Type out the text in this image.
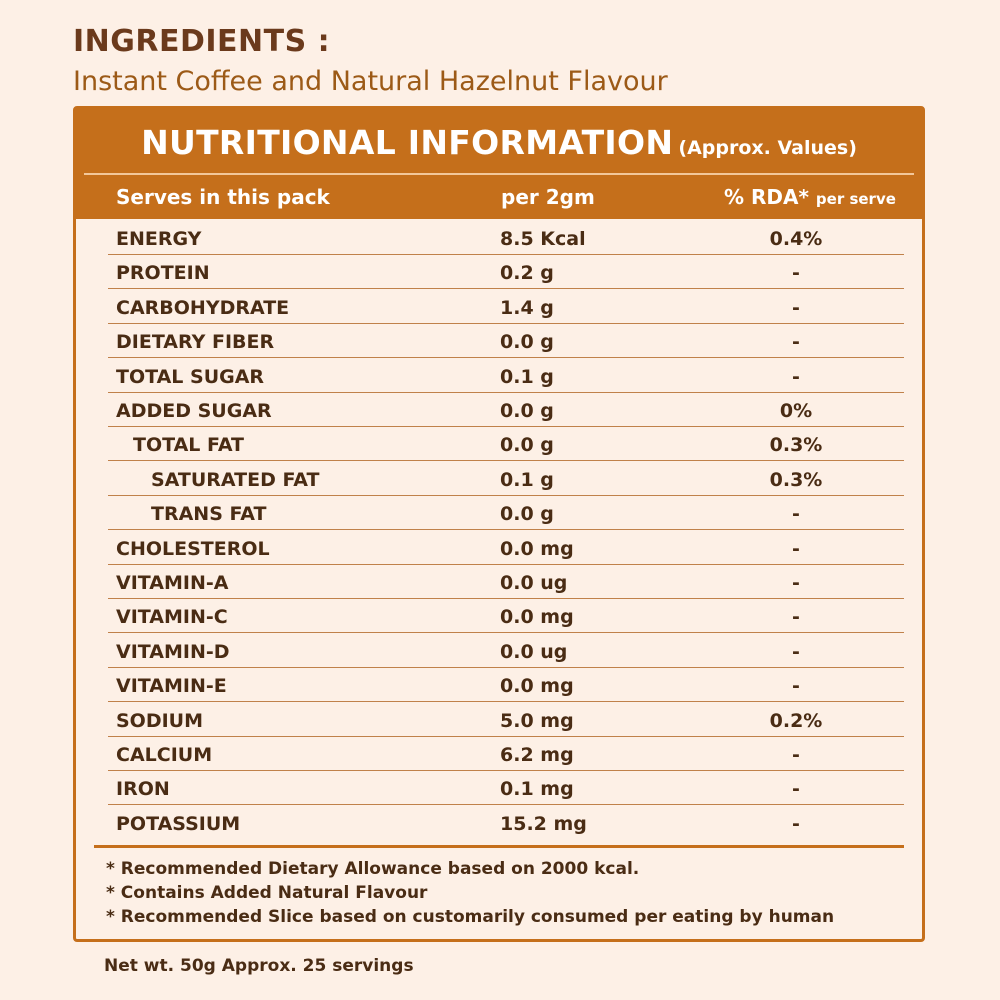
INGREDIENTS :
Instant Coffee and Natural Hazelnut Flavour
NUTRITIONAL INFORMATION (Approx. Values)
Serves in this pack	per 2gm	% RDA* per serve
ENERGY	8.5 Kcal	0.4%
PROTEIN	0.2 g	-
CARBOHYDRATE	1.4 g	-
DIETARY FIBER	0.0 g	-
TOTAL SUGAR	0.1 g	-
ADDED SUGAR	0.0 g	0%
TOTAL FAT	0.0 g	0.3%
SATURATED FAT	0.1 g	0.3%
TRANS FAT	0.0 g	-
CHOLESTEROL	0.0 mg	-
VITAMIN-A	0.0 ug	-
VITAMIN-C	0.0 mg	-
VITAMIN-D	0.0 ug	-
VITAMIN-E	0.0 mg	-
SODIUM	5.0 mg	0.2%
CALCIUM	6.2 mg	-
IRON	0.1 mg	-
POTASSIUM	15.2 mg	-
* Recommended Dietary Allowance based on 2000 kcal.
* Contains Added Natural Flavour
* Recommended Slice based on customarily consumed per eating by human
Net wt. 50g Approx. 25 servings
